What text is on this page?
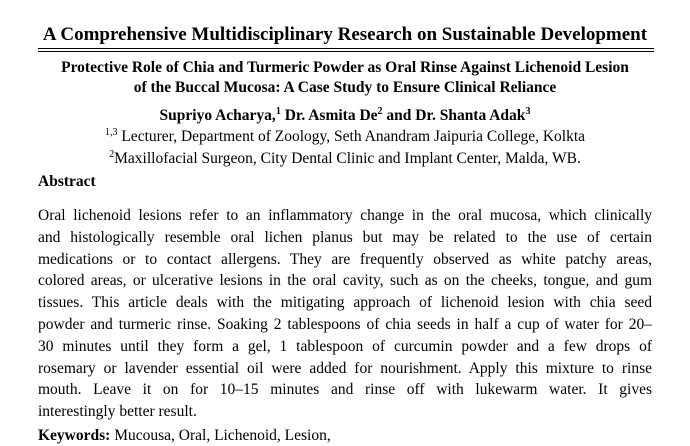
A Comprehensive Multidisciplinary Research on Sustainable Development
Protective Role of Chia and Turmeric Powder as Oral Rinse Against Lichenoid Lesion
of the Buccal Mucosa: A Case Study to Ensure Clinical Reliance
Supriyo Acharya,$^1$ Dr. Asmita De$^2$ and Dr. Shanta Adak$^3$
$^{1,3}$ Lecturer, Department of Zoology, Seth Anandram Jaipuria College, Kolkta
$^2$Maxillofacial Surgeon, City Dental Clinic and Implant Center, Malda, WB.
Abstract
Oral lichenoid lesions refer to an inflammatory change in the oral mucosa, which clinically
and histologically resemble oral lichen planus but may be related to the use of certain
medications or to contact allergens. They are frequently observed as white patchy areas,
colored areas, or ulcerative lesions in the oral cavity, such as on the cheeks, tongue, and gum
tissues. This article deals with the mitigating approach of lichenoid lesion with chia seed
powder and turmeric rinse. Soaking 2 tablespoons of chia seeds in half a cup of water for 20–
30 minutes until they form a gel, 1 tablespoon of curcumin powder and a few drops of
rosemary or lavender essential oil were added for nourishment. Apply this mixture to rinse
mouth. Leave it on for 10–15 minutes and rinse off with lukewarm water. It gives
interestingly better result.
Keywords: Mucousa, Oral, Lichenoid, Lesion,
